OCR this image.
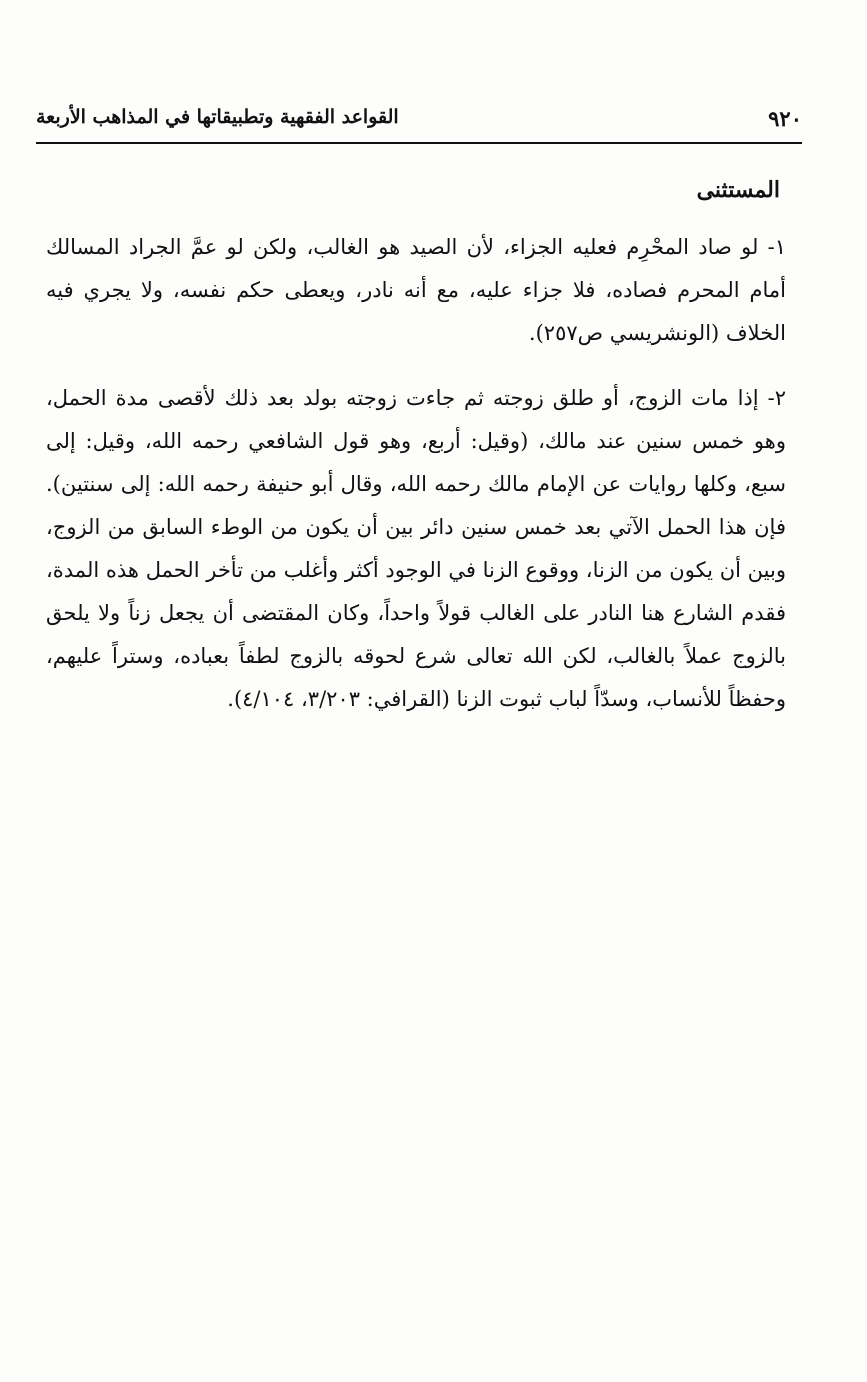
٩٢٠
القواعد الفقهية وتطبيقاتها في المذاهب الأربعة
المستثنى

١- لو صاد المحْرِم فعليه الجزاء، لأن الصيد هو الغالب، ولكن لو عمَّ الجراد المسالك أمام المحرم فصاده، فلا جزاء عليه، مع أنه نادر، ويعطى حكم نفسه، ولا يجري فيه الخلاف (الونشريسي ص٢٥٧).

٢- إذا مات الزوج، أو طلق زوجته ثم جاءت زوجته بولد بعد ذلك لأقصى مدة الحمل، وهو خمس سنين عند مالك، (وقيل: أربع، وهو قول الشافعي رحمه الله، وقيل: إلى سبع، وكلها روايات عن الإمام مالك رحمه الله، وقال أبو حنيفة رحمه الله: إلى سنتين). فإن هذا الحمل الآتي بعد خمس سنين دائر بين أن يكون من الوطء السابق من الزوج، وبين أن يكون من الزنا، ووقوع الزنا في الوجود أكثر وأغلب من تأخر الحمل هذه المدة، فقدم الشارع هنا النادر على الغالب قولاً واحداً، وكان المقتضى أن يجعل زناً ولا يلحق بالزوج عملاً بالغالب، لكن الله تعالى شرع لحوقه بالزوج لطفاً بعباده، وستراً عليهم، وحفظاً للأنساب، وسدّاً لباب ثبوت الزنا (القرافي: ٣/٢٠٣، ٤/١٠٤).
